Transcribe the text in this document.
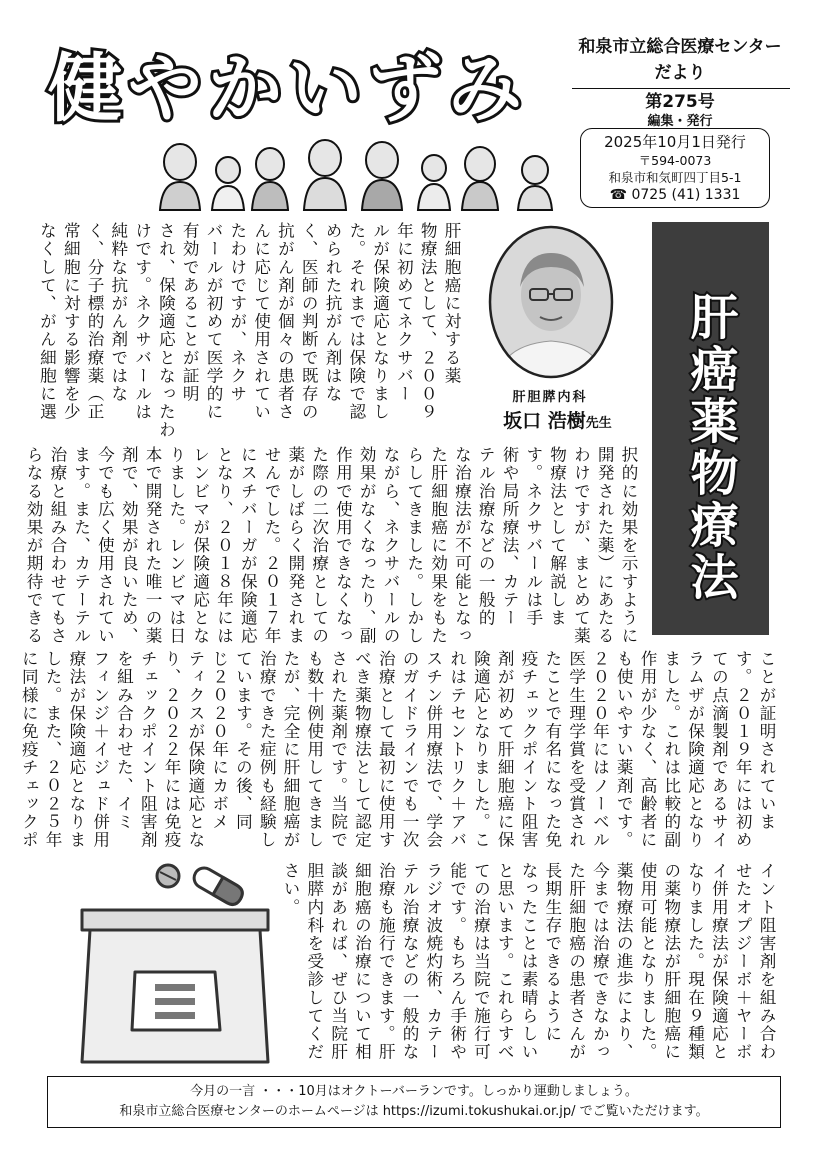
健やかいずみ	和泉市立総合医療センター
だより
第275号
編集・発行
2025年10月1日発行
〒594-0073
和泉市和気町四丁目5-1
☎ 0725 (41) 1331
肝癌薬物療法
肝胆膵内科
坂口 浩樹先生
肝細胞癌に対する薬
物療法として、２００９
年に初めてネクサバー
ルが保険適応となりまし
た。それまでは保険で認
められた抗がん剤はな
く、医師の判断で既存の
抗がん剤が個々の患者さ
んに応じて使用されてい
たわけですが、ネクサ
バールが初めて医学的に
有効であることが証明
され、保険適応となったわ
けです。ネクサバールは
純粋な抗がん剤ではな
く、分子標的治療薬（正
常細胞に対する影響を少
なくして、がん細胞に選
択的に効果を示すように
開発された薬）にあたる
わけですが、まとめて薬
物療法として解説しま
す。ネクサバールは手
術や局所療法、カテー
テル治療などの一般的
な治療法が不可能となっ
た肝細胞癌に効果をもた
らしてきました。しかし
ながら、ネクサバールの
効果がなくなったり、副
作用で使用できなくなっ
た際の二次治療としての
薬がしばらく開発されま
せんでした。２０１７年
にスチバーガが保険適応
となり、２０１８年には
レンビマが保険適応とな
りました。レンビマは日
本で開発された唯一の薬
剤で、効果が良いため、
今でも広く使用されてい
ます。また、カテーテル
治療と組み合わせてもさ
らなる効果が期待できる
ことが証明されていま
す。２０１９年には初め
ての点滴製剤であるサイ
ラムザが保険適応となり
ました。これは比較的副
作用が少なく、高齢者に
も使いやすい薬剤です。
２０２０年にはノーベル
医学生理学賞を受賞され
たことで有名になった免
疫チェックポイント阻害
剤が初めて肝細胞癌に保
険適応となりました。こ
れはテセントリク＋アバ
スチン併用療法で、学会
のガイドラインでも一次
治療として最初に使用す
べき薬物療法として認定
された薬剤です。当院で
も数十例使用してきまし
たが、完全に肝細胞癌が
治療できた症例も経験し
ています。その後、同
じ２０２０年にカボメ
ティクスが保険適応とな
り、２０２２年には免疫
チェックポイント阻害剤
を組み合わせた、イミ
フィンジ＋イジュド併用
療法が保険適応となりま
した。また、２０２５年
に同様に免疫チェックポ
イント阻害剤を組み合わ
せたオプジーボ＋ヤーボ
イ併用療法が保険適応と
なりました。現在９種類
の薬物療法が肝細胞癌に
使用可能となりました。
薬物療法の進歩により、
今までは治療できなかっ
た肝細胞癌の患者さんが
長期生存できるように
なったことは素晴らしい
と思います。これらすべ
ての治療は当院で施行可
能です。もちろん手術や
ラジオ波焼灼術、カテー
テル治療などの一般的な
治療も施行できます。肝
細胞癌の治療について相
談があれば、ぜひ当院肝
胆膵内科を受診してくだ
さい。
今月の一言 ・・・10月はオクトーバーランです。しっかり運動しましょう。
和泉市立総合医療センターのホームページは https://izumi.tokushukai.or.jp/ でご覧いただけます。
